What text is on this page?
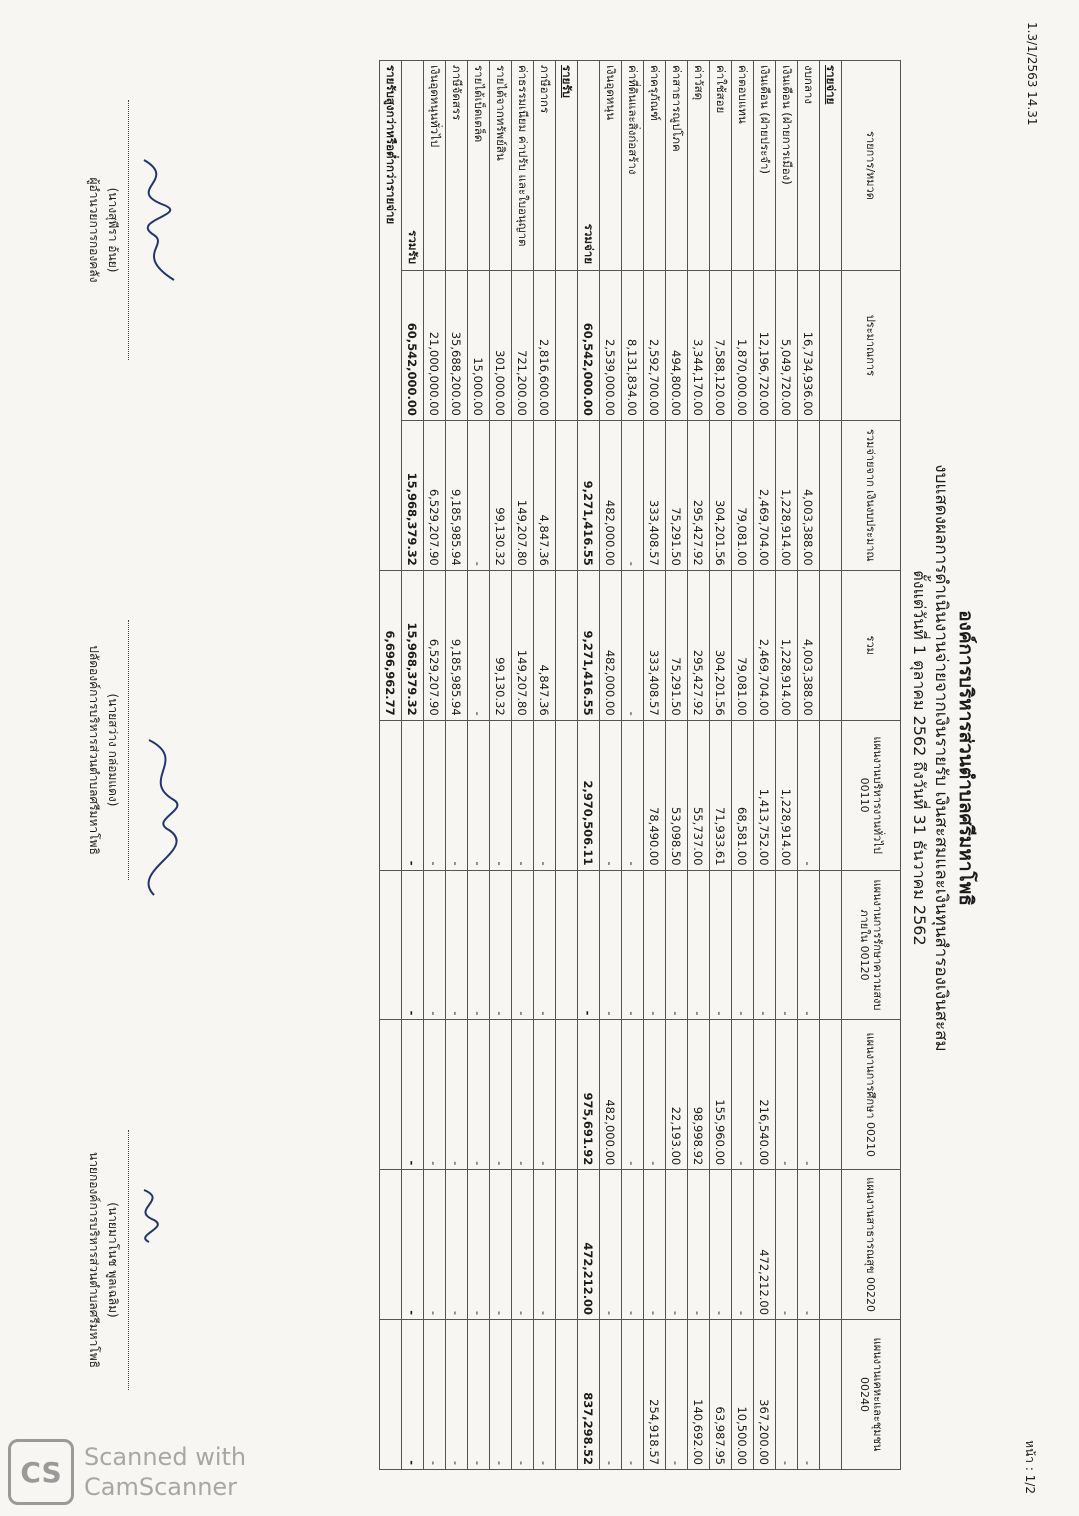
1.3/1/2563 14.31
หน้า : 1/2
องค์การบริหารส่วนตำบลศรีมหาโพธิ
งบแสดงผลการดำเนินงานจ่ายจากเงินรายรับ เงินสะสมและเงินทุนสำรองเงินสะสม
ตั้งแต่วันที่ 1 ตุลาคม 2562 ถึงวันที่ 31 ธันวาคม 2562
รายการ/หมวด	ประมาณการ	รวมจ่ายจาก เงินงบประมาณ	รวม	แผนงานบริหารงานทั่วไป 00110	แผนงานการรักษาความสงบภายใน 00120	แผนงานการศึกษา 00210	แผนงานสาธารณสุข 00220	แผนงานเคหะและชุมชน 00240
รายจ่าย								
งบกลาง	16,734,936.00	4,003,388.00	4,003,388.00	-	-	-	-	-
เงินเดือน (ฝ่ายการเมือง)	5,049,720.00	1,228,914.00	1,228,914.00	1,228,914.00	-	-	-	-
เงินเดือน (ฝ่ายประจำ)	12,196,720.00	2,469,704.00	2,469,704.00	1,413,752.00	-	216,540.00	472,212.00	367,200.00
ค่าตอบแทน	1,870,000.00	79,081.00	79,081.00	68,581.00	-	-	-	10,500.00
ค่าใช้สอย	7,588,120.00	304,201.56	304,201.56	71,933.61	-	155,960.00	-	63,987.95
ค่าวัสดุ	3,344,170.00	295,427.92	295,427.92	55,737.00	-	98,998.92	-	140,692.00
ค่าสาธารณูปโภค	494,800.00	75,291.50	75,291.50	53,098.50	-	22,193.00	-	-
ค่าครุภัณฑ์	2,592,700.00	333,408.57	333,408.57	78,490.00	-	-	-	254,918.57
ค่าที่ดินและสิ่งก่อสร้าง	8,131,834.00	-	-	-	-	-	-	-
เงินอุดหนุน	2,539,000.00	482,000.00	482,000.00	-	-	482,000.00	-	-
รวมจ่าย	60,542,000.00	9,271,416.55	9,271,416.55	2,970,506.11	-	975,691.92	472,212.00	837,298.52
รายรับ								
ภาษีอากร	2,816,600.00	4,847.36	4,847.36	-	-	-	-	-
ค่าธรรมเนียม ค่าปรับ และใบอนุญาต	721,200.00	149,207.80	149,207.80	-	-	-	-	-
รายได้จากทรัพย์สิน	301,000.00	99,130.32	99,130.32	-	-	-	-	-
รายได้เบ็ดเตล็ด	15,000.00	-	-	-	-	-	-	-
ภาษีจัดสรร	35,688,200.00	9,185,985.94	9,185,985.94	-	-	-	-	-
เงินอุดหนุนทั่วไป	21,000,000.00	6,529,207.90	6,529,207.90	-	-	-	-	-
รวมรับ	60,542,000.00	15,968,379.32	15,968,379.32	-	-	-	-	-
รายรับสูงกว่าหรือต่ำกว่ารายจ่าย			6,696,962.77					
(นางสุพีรา อ้นย)
ผู้อำนวยการกองคลัง
(นายสว่าง กล่อมแดง)
ปลัดองค์การบริหารส่วนตำบลศรีมหาโพธิ
(นายมาโนช พูลเฉลิม)
นายกองค์การบริหารส่วนตำบลศรีมหาโพธิ
CS Scanned with
CamScanner
